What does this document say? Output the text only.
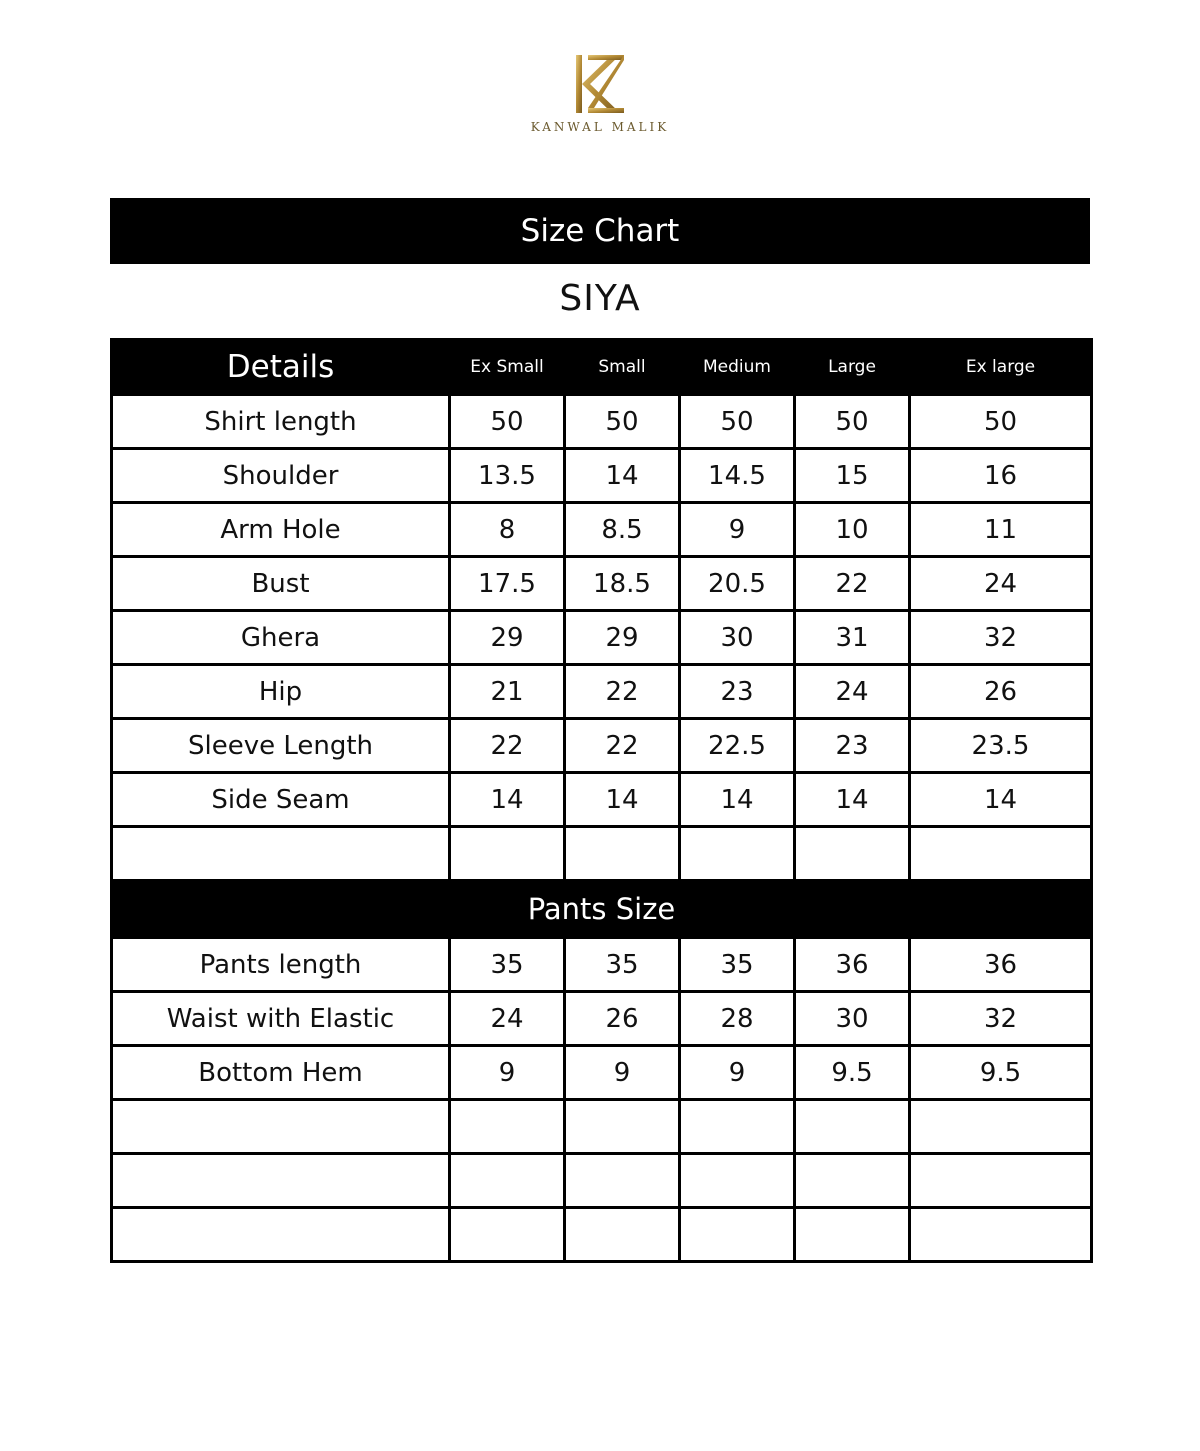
KANWAL MALIK
Size Chart
SIYA
Details	Ex Small	Small	Medium	Large	Ex large
Shirt length	50	50	50	50	50
Shoulder	13.5	14	14.5	15	16
Arm Hole	8	8.5	9	10	11
Bust	17.5	18.5	20.5	22	24
Ghera	29	29	30	31	32
Hip	21	22	23	24	26
Sleeve Length	22	22	22.5	23	23.5
Side Seam	14	14	14	14	14

Pants Size					
Pants length	35	35	35	36	36
Waist with Elastic	24	26	28	30	32
Bottom Hem	9	9	9	9.5	9.5
